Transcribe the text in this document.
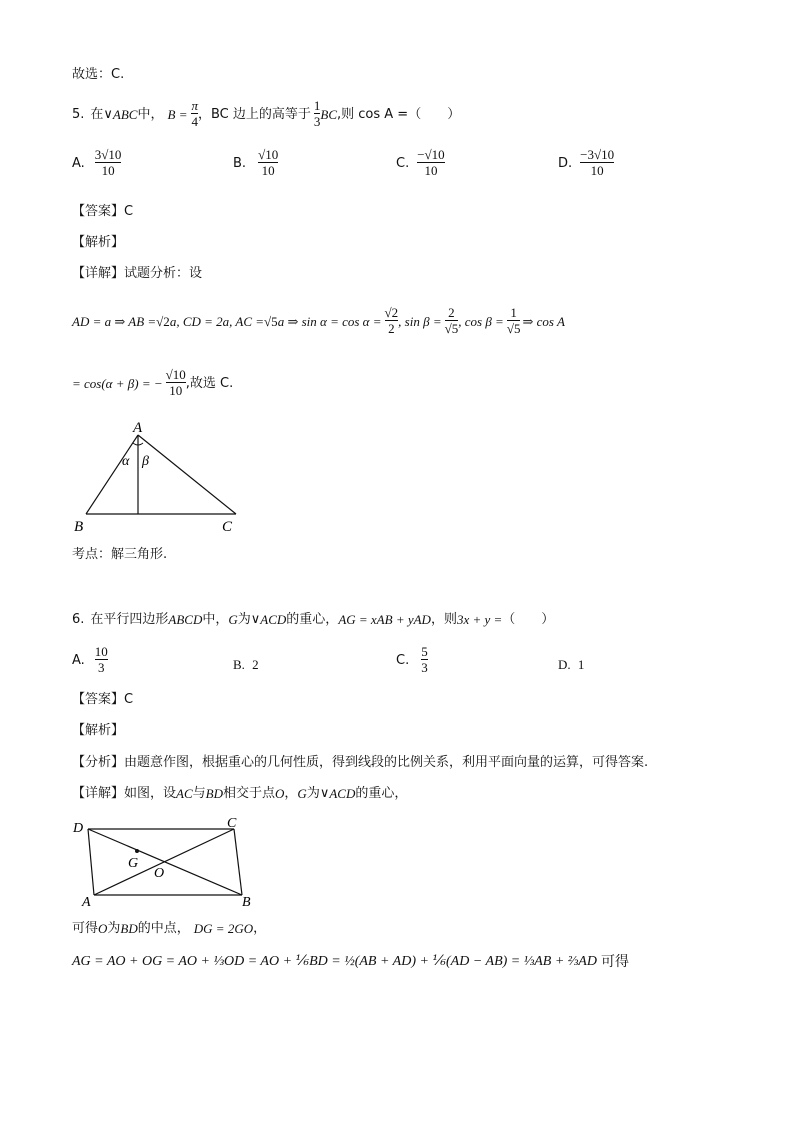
故选：C.
5. 在∨ ABC 中， $B = \frac{\pi}{4}$ ，BC 边上的高等于 $\frac{1}{3}$ BC ,则 cos A =（　　）
A. $\frac{3√10}{10}$	B. $\frac{√10}{10}$	C. $\frac{-√10}{10}$	D. $\frac{-3√10}{10}$
【答案】C
【解析】
【详解】试题分析：设
AD = a ⇒ AB = √2 a, CD = 2a, AC = √5 a ⇒ $\sin \alpha = \cos \alpha = \frac{√2}{2}$ , $\sin \beta = \frac{2}{√5}$ , $\cos \beta = \frac{1}{√5}$ ⇒ cos A
= cos(α + β) = − $\frac{√10}{10}$ ,故选 C.
A
B	C
α β
考点：解三角形.
6. 在平行四边形 ABCD 中， G 为∨ ACD 的重心， AG = xAB + yAD ，则 3x + y = （　　）
A. $\frac{10}{3}$	B. 2	C. $\frac{5}{3}$	D. 1
【答案】C
【解析】
【分析】由题意作图，根据重心的几何性质，得到线段的比例关系，利用平面向量的运算，可得答案.
【详解】如图，设 AC 与 BD 相交于点 O ， G 为∨ ACD 的重心，
D	C
A	B
G
O
可得 O 为 BD 的中点， DG = 2GO ，
AG = AO + OG = AO + ⅓OD = AO + ⅙BD = ½(AB + AD) + ⅙(AD − AB) = ⅓AB + ⅔AD 可得
